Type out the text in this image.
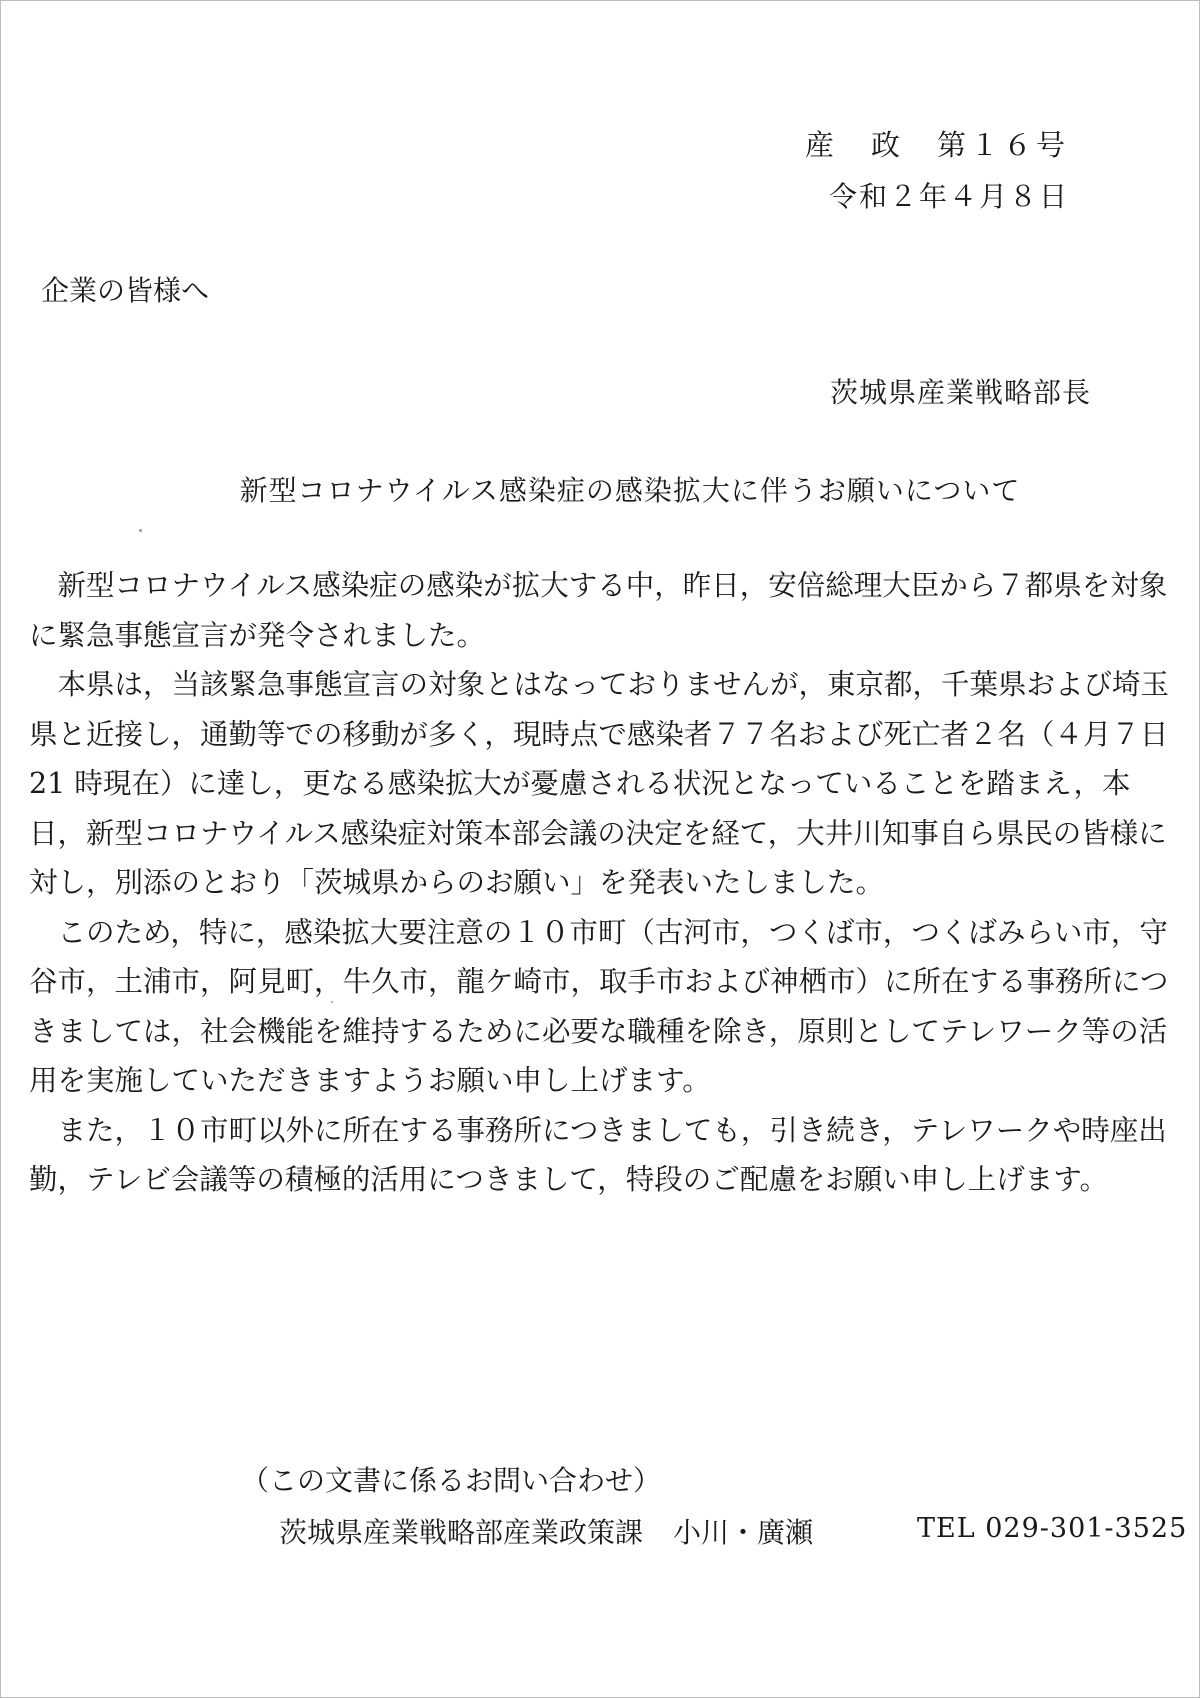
産　政　第１６号
令和２年４月８日
企業の皆様へ
茨城県産業戦略部長
新型コロナウイルス感染症の感染拡大に伴うお願いについて

新型コロナウイルス感染症の感染が拡大する中，昨日，安倍総理大臣から７都県を対象に緊急事態宣言が発令されました。

本県は，当該緊急事態宣言の対象とはなっておりませんが，東京都，千葉県および埼玉県と近接し，通勤等での移動が多く，現時点で感染者７７名および死亡者２名（４月７日 21 時現在）に達し，更なる感染拡大が憂慮される状況となっていることを踏まえ，本日，新型コロナウイルス感染症対策本部会議の決定を経て，大井川知事自ら県民の皆様に対し，別添のとおり「茨城県からのお願い」を発表いたしました。

このため，特に，感染拡大要注意の１０市町（古河市，つくば市，つくばみらい市，守谷市，土浦市，阿見町，牛久市，龍ケ崎市，取手市および神栖市）に所在する事務所につきましては，社会機能を維持するために必要な職種を除き，原則としてテレワーク等の活用を実施していただきますようお願い申し上げます。

また，１０市町以外に所在する事務所につきましても，引き続き，テレワークや時座出勤，テレビ会議等の積極的活用につきまして，特段のご配慮をお願い申し上げます。

（この文書に係るお問い合わせ）
茨城県産業戦略部産業政策課 小川・廣瀬	TEL 029-301-3525
